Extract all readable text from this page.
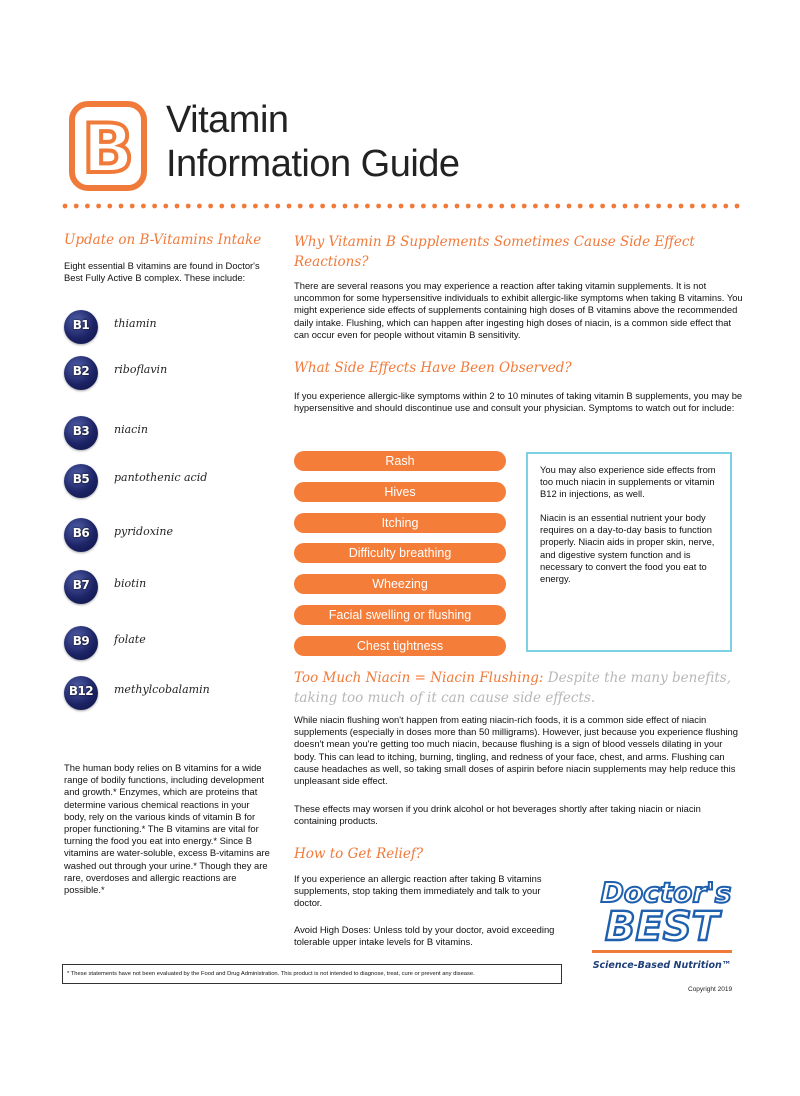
B Vitamin
Information Guide
Update on B-Vitamins Intake
Eight essential B vitamins are found in Doctor's Best Fully Active B complex. These include:
B1	thiamin
B2	riboflavin
B3	niacin
B5	pantothenic acid
B6	pyridoxine
B7	biotin
B9	folate
B12	methylcobalamin
The human body relies on B vitamins for a wide range of bodily functions, including development and growth.* Enzymes, which are proteins that determine various chemical reactions in your body, rely on the various kinds of vitamin B for proper functioning.* The B vitamins are vital for turning the food you eat into energy.* Since B vitamins are water-soluble, excess B-vitamins are washed out through your urine.* Though they are rare, overdoses and allergic reactions are possible.*
Why Vitamin B Supplements Sometimes Cause Side Effect Reactions?
There are several reasons you may experience a reaction after taking vitamin supplements. It is not uncommon for some hypersensitive individuals to exhibit allergic-like symptoms when taking B vitamins. You might experience side effects of supplements containing high doses of B vitamins above the recommended daily intake. Flushing, which can happen after ingesting high doses of niacin, is a common side effect that can occur even for people without vitamin B sensitivity.
What Side Effects Have Been Observed?
If you experience allergic-like symptoms within 2 to 10 minutes of taking vitamin B supplements, you may be hypersensitive and should discontinue use and consult your physician. Symptoms to watch out for include:
Rash
Hives
Itching
Difficulty breathing
Wheezing
Facial swelling or flushing
Chest tightness
You may also experience side effects from too much niacin in supplements or vitamin B12 in injections, as well.
Niacin is an essential nutrient your body requires on a day-to-day basis to function properly. Niacin aids in proper skin, nerve, and digestive system function and is necessary to convert the food you eat to energy.
Too Much Niacin = Niacin Flushing: Despite the many benefits, taking too much of it can cause side effects.
While niacin flushing won't happen from eating niacin-rich foods, it is a common side effect of niacin supplements (especially in doses more than 50 milligrams). However, just because you experience flushing doesn't mean you're getting too much niacin, because flushing is a sign of blood vessels dilating in your body. This can lead to itching, burning, tingling, and redness of your face, chest, and arms. Flushing can cause headaches as well, so taking small doses of aspirin before niacin supplements may help reduce this unpleasant side effect.
These effects may worsen if you drink alcohol or hot beverages shortly after taking niacin or niacin containing products.
How to Get Relief?
If you experience an allergic reaction after taking B vitamins supplements, stop taking them immediately and talk to your doctor.
Avoid High Doses: Unless told by your doctor, avoid exceeding tolerable upper intake levels for B vitamins.
Doctor's
BEST
Science-Based Nutrition™
Copyright 2019
* These statements have not been evaluated by the Food and Drug Administration. This product is not intended to diagnose, treat, cure or prevent any disease.
